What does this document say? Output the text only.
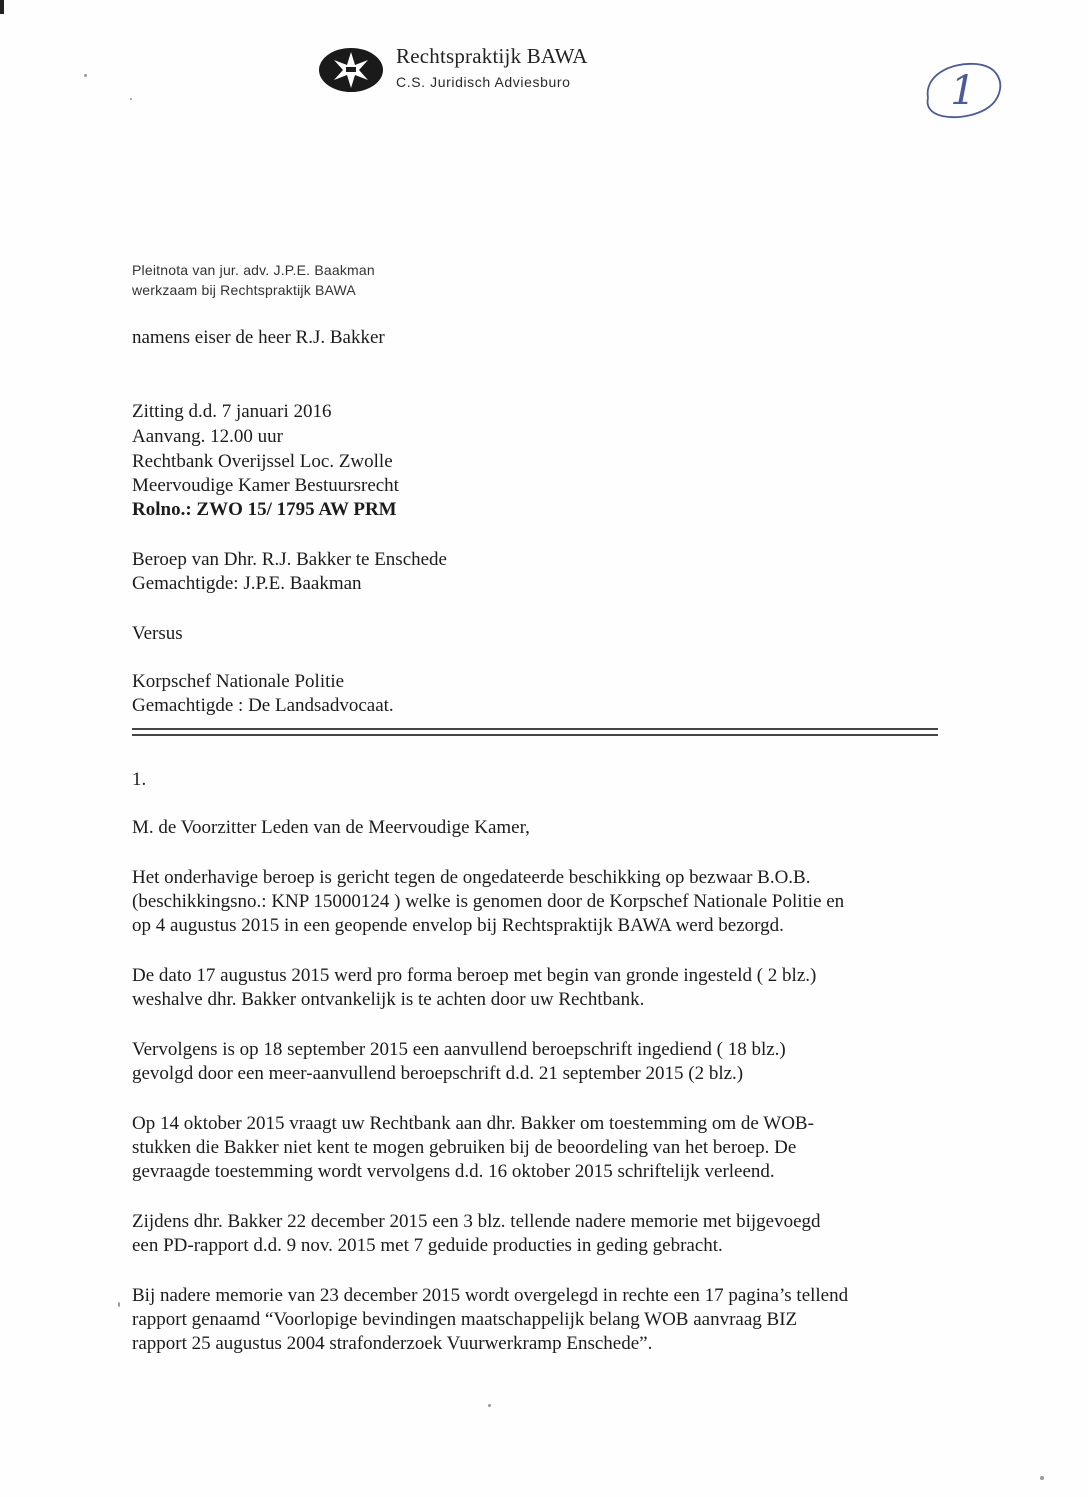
Rechtspraktijk BAWA
C.S. Juridisch Adviesburo	1
Pleitnota van jur. adv. J.P.E. Baakman
werkzaam bij Rechtspraktijk BAWA
namens eiser de heer R.J. Bakker
Zitting d.d. 7 januari 2016
Aanvang. 12.00 uur
Rechtbank Overijssel Loc. Zwolle
Meervoudige Kamer Bestuursrecht
Rolno.: ZWO 15/ 1795 AW PRM
Beroep van Dhr. R.J. Bakker te Enschede
Gemachtigde: J.P.E. Baakman
Versus
Korpschef Nationale Politie
Gemachtigde : De Landsadvocaat.
1.
M. de Voorzitter Leden van de Meervoudige Kamer,
Het onderhavige beroep is gericht tegen de ongedateerde beschikking op bezwaar B.O.B.
(beschikkingsno.: KNP 15000124 ) welke is genomen door de Korpschef Nationale Politie en
op 4 augustus 2015 in een geopende envelop bij Rechtspraktijk BAWA werd bezorgd.
De dato 17 augustus 2015 werd pro forma beroep met begin van gronde ingesteld ( 2 blz.)
weshalve dhr. Bakker ontvankelijk is te achten door uw Rechtbank.
Vervolgens is op 18 september 2015 een aanvullend beroepschrift ingediend ( 18 blz.)
gevolgd door een meer-aanvullend beroepschrift d.d. 21 september 2015 (2 blz.)
Op 14 oktober 2015 vraagt uw Rechtbank aan dhr. Bakker om toestemming om de WOB-
stukken die Bakker niet kent te mogen gebruiken bij de beoordeling van het beroep. De
gevraagde toestemming wordt vervolgens d.d. 16 oktober 2015 schriftelijk verleend.
Zijdens dhr. Bakker 22 december 2015 een 3 blz. tellende nadere memorie met bijgevoegd
een PD-rapport d.d. 9 nov. 2015 met 7 geduide producties in geding gebracht.
Bij nadere memorie van 23 december 2015 wordt overgelegd in rechte een 17 pagina’s tellend
rapport genaamd “Voorlopige bevindingen maatschappelijk belang WOB aanvraag BIZ
rapport 25 augustus 2004 strafonderzoek Vuurwerkramp Enschede”.
